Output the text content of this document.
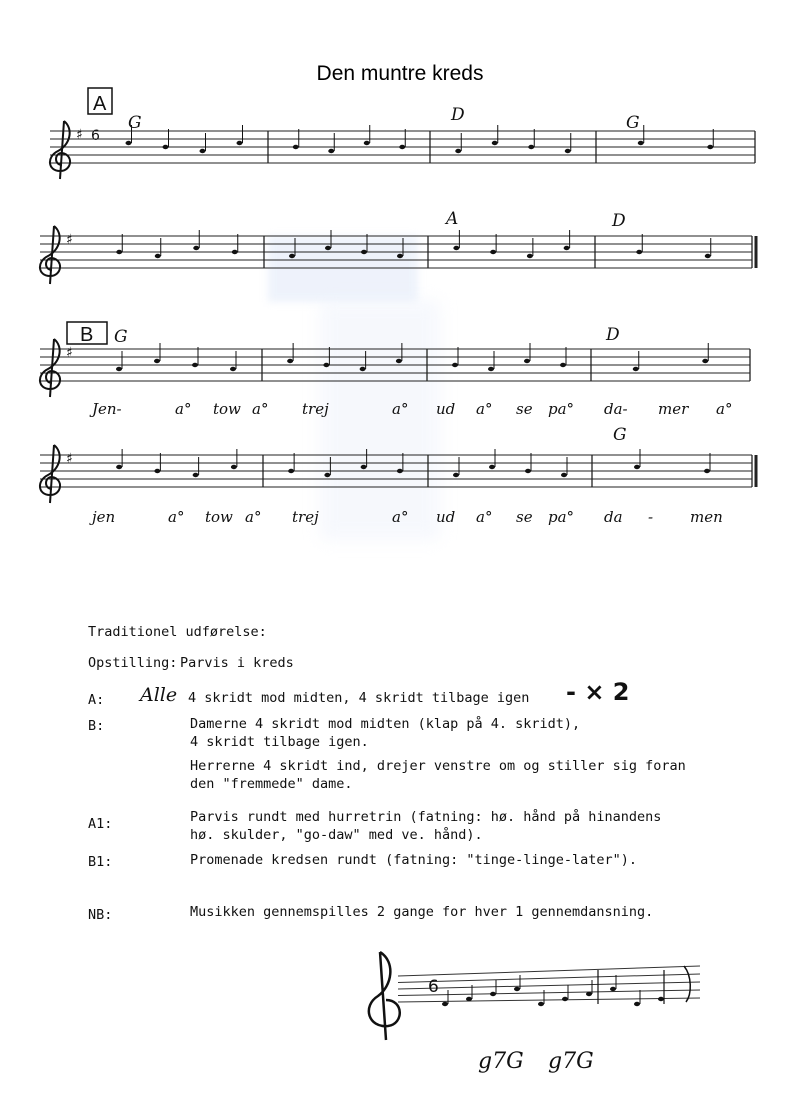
Den muntre kreds
A
B
6
G	D	G
A	D
G	D
G
♯
♯
♯
♯
Jen-	a° tow a° trej	a° ud a° se pa° da- mer a°
jen	a° tow a° trej	a° ud a° se pa° da - men
6
g7G g7G
Traditionel udførelse:
Opstilling: Parvis i kreds
A: Alle 4 skridt mod midten, 4 skridt tilbage igen - × 2
B:	Damerne 4 skridt mod midten (klap på 4. skridt),
4 skridt tilbage igen.
Herrerne 4 skridt ind, drejer venstre om og stiller sig foran
den "fremmede" dame.
A1:	Parvis rundt med hurretrin (fatning: hø. hånd på hinandens
hø. skulder, "go-daw" med ve. hånd).
B1:	Promenade kredsen rundt (fatning: "tinge-linge-later").
NB:	Musikken gennemspilles 2 gange for hver 1 gennemdansning.
